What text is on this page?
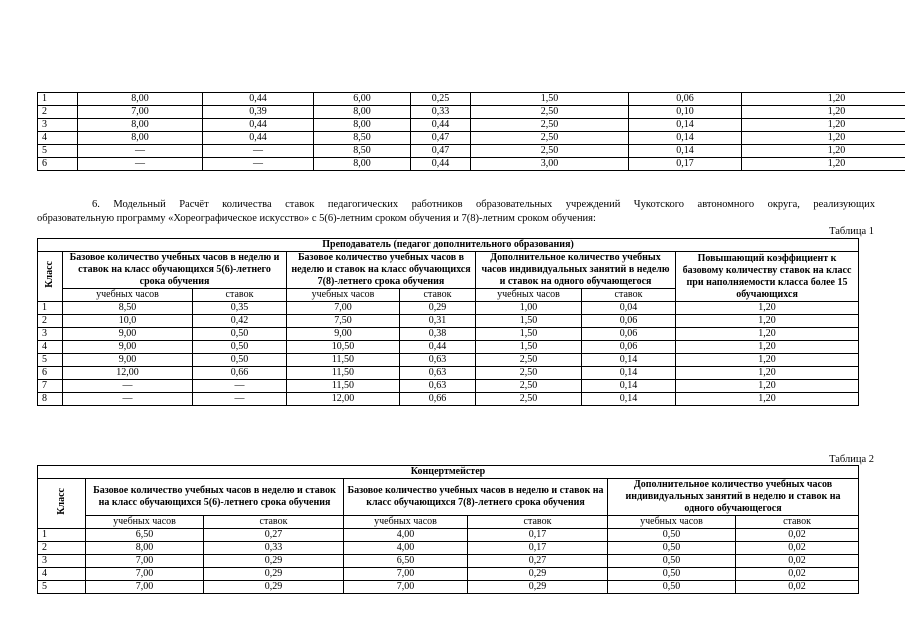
1	8,00	0,44	6,00	0,25	1,50	0,06	1,20
2	7,00	0,39	8,00	0,33	2,50	0,10	1,20
3	8,00	0,44	8,00	0,44	2,50	0,14	1,20
4	8,00	0,44	8,50	0,47	2,50	0,14	1,20
5	—	—	8,50	0,47	2,50	0,14	1,20
6	—	—	8,00	0,44	3,00	0,17	1,20
6. Модельный Расчёт количества ставок педагогических работников образовательных учреждений Чукотского автономного округа, реализующих
образовательную программу «Хореографическое искусство» с 5(6)-летним сроком обучения и 7(8)-летним сроком обучения:
Таблица 1
Преподаватель (педагог дополнительного образования)							
Класс	Базовое количество учебных часов в неделю и ставок на класс обучающихся 5(6)-летнего срока обучения		Базовое количество учебных часов в неделю и ставок на класс обучающихся 7(8)-летнего срока обучения		Дополнительное количество учебных часов индивидуальных занятий в неделю и ставок на одного обучающегося		Повышающий коэффициент к базовому количеству ставок на класс при наполняемости класса более 15 обучающихся
	учебных часов	ставок	учебных часов	ставок	учебных часов	ставок	
1	8,50	0,35	7,00	0,29	1,00	0,04	1,20
2	10,0	0,42	7,50	0,31	1,50	0,06	1,20
3	9,00	0,50	9,00	0,38	1,50	0,06	1,20
4	9,00	0,50	10,50	0,44	1,50	0,06	1,20
5	9,00	0,50	11,50	0,63	2,50	0,14	1,20
6	12,00	0,66	11,50	0,63	2,50	0,14	1,20
7	—	—	11,50	0,63	2,50	0,14	1,20
8	—	—	12,00	0,66	2,50	0,14	1,20
Таблица 2
Концертмейстер						
Класс	Базовое количество учебных часов в неделю и ставок на класс обучающихся 5(6)-летнего срока обучения		Базовое количество учебных часов в неделю и ставок на класс обучающихся 7(8)-летнего срока обучения		Дополнительное количество учебных часов индивидуальных занятий в неделю и ставок на одного обучающегося	
	учебных часов	ставок	учебных часов	ставок	учебных часов	ставок
1	6,50	0,27	4,00	0,17	0,50	0,02
2	8,00	0,33	4,00	0,17	0,50	0,02
3	7,00	0,29	6,50	0,27	0,50	0,02
4	7,00	0,29	7,00	0,29	0,50	0,02
5	7,00	0,29	7,00	0,29	0,50	0,02
